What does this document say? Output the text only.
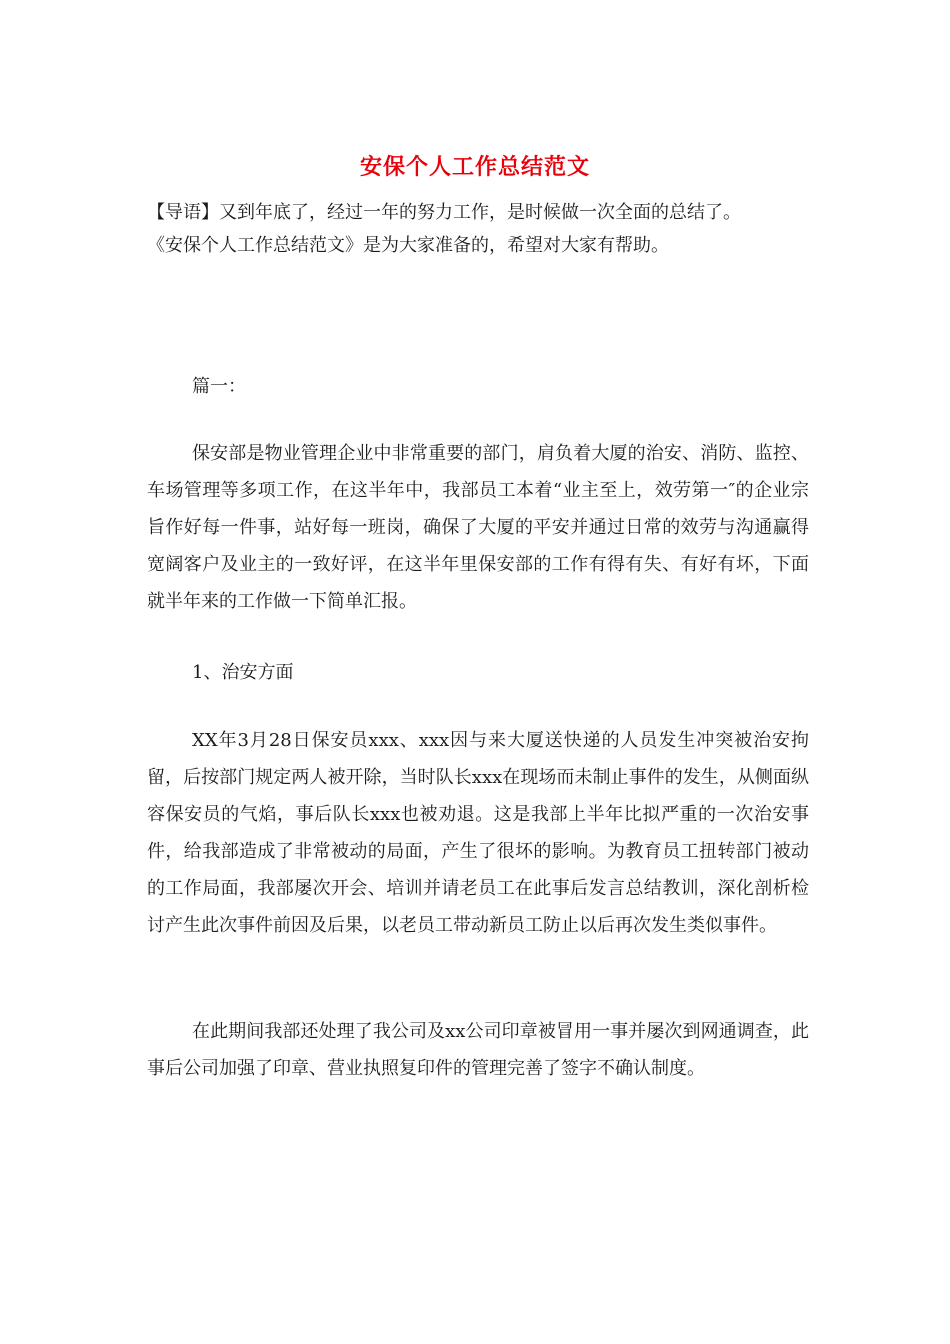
安保个人工作总结范文

【导语】又到年底了，经过一年的努力工作，是时候做一次全面的总结了。

《安保个人工作总结范文》是为大家准备的，希望对大家有帮助。

篇一：

保安部是物业管理企业中非常重要的部门，肩负着大厦的治安、消防、监控、车场管理等多项工作，在这半年中，我部员工本着“业主至上，效劳第一″的企业宗旨作好每一件事，站好每一班岗，确保了大厦的平安并通过日常的效劳与沟通赢得宽阔客户及业主的一致好评，在这半年里保安部的工作有得有失、有好有坏，下面就半年来的工作做一下简单汇报。

1、治安方面

XX年3月28日保安员xxx、xxx因与来大厦送快递的人员发生冲突被治安拘留，后按部门规定两人被开除，当时队长xxx在现场而未制止事件的发生，从侧面纵容保安员的气焰，事后队长xxx也被劝退。这是我部上半年比拟严重的一次治安事件，给我部造成了非常被动的局面，产生了很坏的影响。为教育员工扭转部门被动的工作局面，我部屡次开会、培训并请老员工在此事后发言总结教训，深化剖析检讨产生此次事件前因及后果，以老员工带动新员工防止以后再次发生类似事件。

在此期间我部还处理了我公司及xx公司印章被冒用一事并屡次到网通调查，此事后公司加强了印章、营业执照复印件的管理完善了签字不确认制度。
